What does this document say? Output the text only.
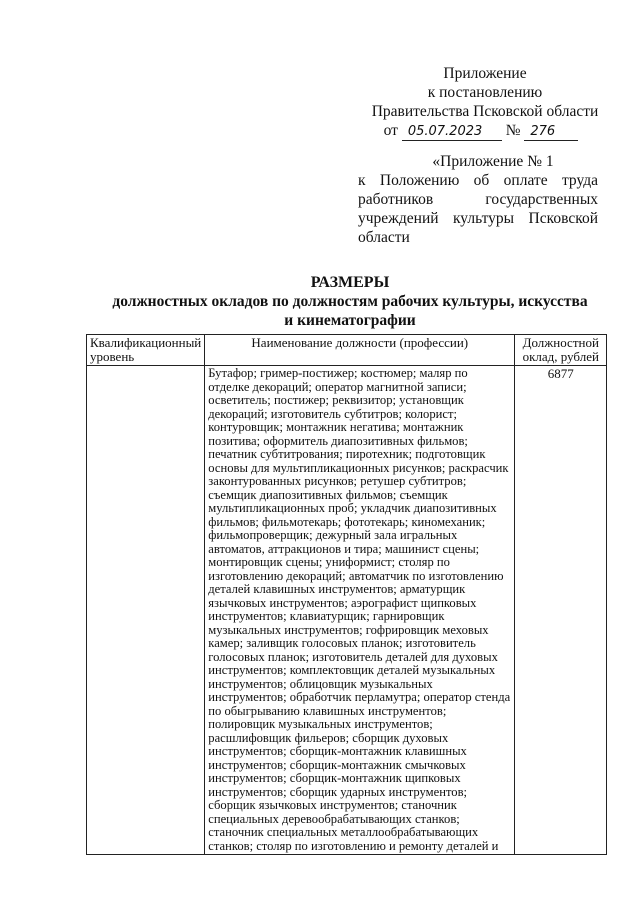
Приложение
к постановлению
Правительства Псковской области
от 05.07.2023 № 276
«Приложение № 1
к Положению об оплате труда
работников государственных
учреждений культуры Псковской
области
РАЗМЕРЫ
должностных окладов по должностям рабочих культуры, искусства
и кинематографии
Квалификационный уровень	Наименование должности (профессии)	Должностной оклад, рублей
	Бутафор; гример-постижер; костюмер; маляр по отделке декораций; оператор магнитной записи; осветитель; постижер; реквизитор; установщик декораций; изготовитель субтитров; колорист; контуровщик; монтажник негатива; монтажник позитива; оформитель диапозитивных фильмов; печатник субтитрования; пиротехник; подготовщик основы для мультипликационных рисунков; раскрасчик законтурованных рисунков; ретушер субтитров; съемщик диапозитивных фильмов; съемщик мультипликационных проб; укладчик диапозитивных фильмов; фильмотекарь; фототекарь; киномеханик; фильмопроверщик; дежурный зала игральных автоматов, аттракционов и тира; машинист сцены; монтировщик сцены; униформист; столяр по изготовлению декораций; автоматчик по изготовлению деталей клавишных инструментов; арматурщик язычковых инструментов; аэрографист щипковых инструментов; клавиатурщик; гарнировщик музыкальных инструментов; гофрировщик меховых камер; заливщик голосовых планок; изготовитель голосовых планок; изготовитель деталей для духовых инструментов; комплектовщик деталей музыкальных инструментов; облицовщик музыкальных инструментов; обработчик перламутра; оператор стенда по обыгрыванию клавишных инструментов; полировщик музыкальных инструментов; расшлифовщик фильеров; сборщик духовых инструментов; сборщик-монтажник клавишных инструментов; сборщик-монтажник смычковых инструментов; сборщик-монтажник щипковых инструментов; сборщик ударных инструментов; сборщик язычковых инструментов; станочник специальных деревообрабатывающих станков; станочник специальных металлообрабатывающих станков; столяр по изготовлению и ремонту деталей и	6877
